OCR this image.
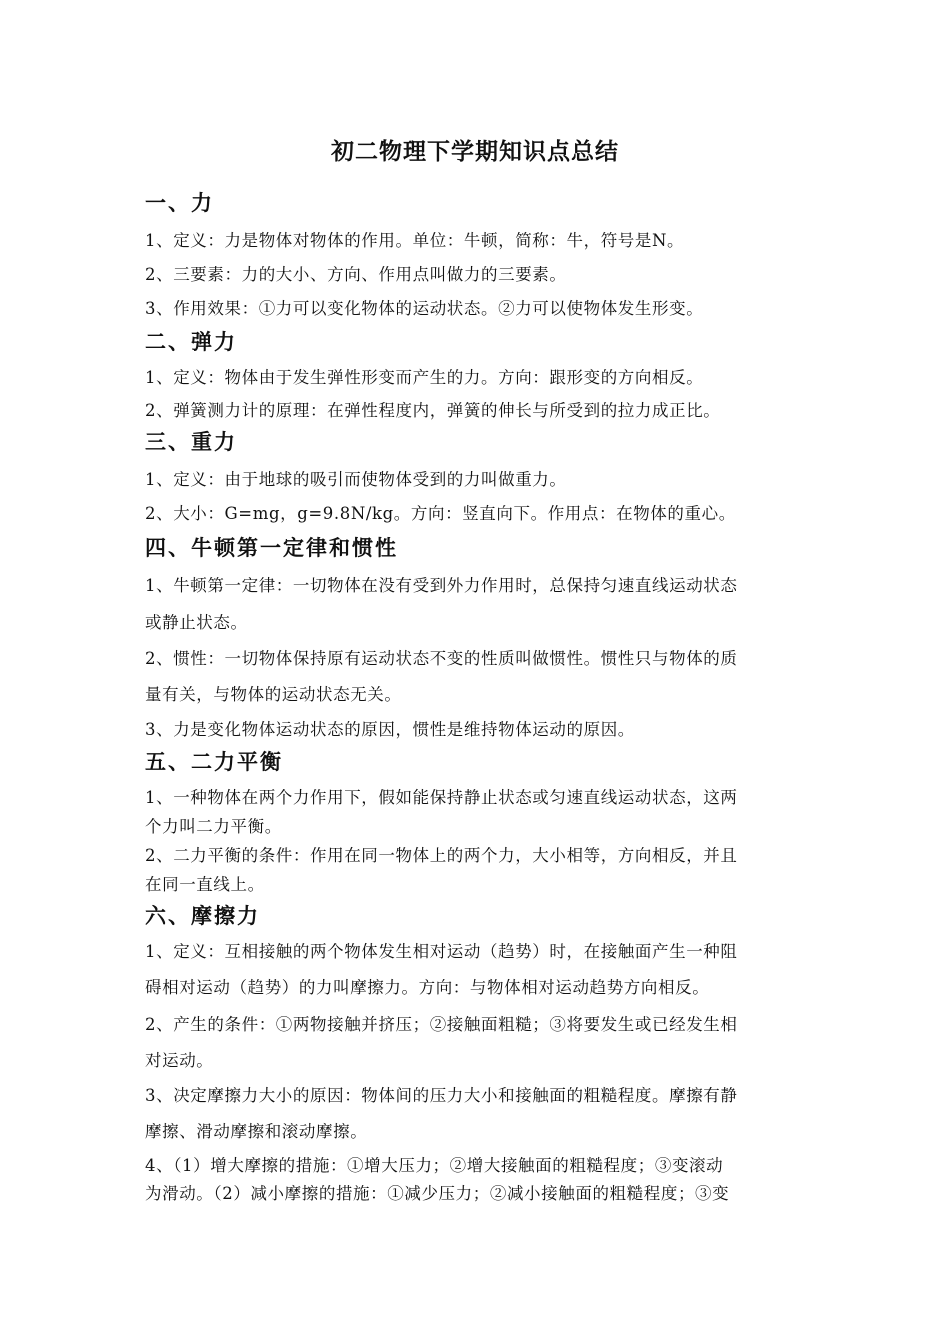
初二物理下学期知识点总结
一、力
1、定义：力是物体对物体的作用。单位：牛顿，简称：牛，符号是N。
2、三要素：力的大小、方向、作用点叫做力的三要素。
3、作用效果：①力可以变化物体的运动状态。②力可以使物体发生形变。
二、弹力
1、定义：物体由于发生弹性形变而产生的力。方向：跟形变的方向相反。
2、弹簧测力计的原理：在弹性程度内，弹簧的伸长与所受到的拉力成正比。
三、重力
1、定义：由于地球的吸引而使物体受到的力叫做重力。
2、大小：G=mg，g=9.8N/kg。方向：竖直向下。作用点：在物体的重心。
四、牛顿第一定律和惯性
1、牛顿第一定律：一切物体在没有受到外力作用时，总保持匀速直线运动状态
或静止状态。
2、惯性：一切物体保持原有运动状态不变的性质叫做惯性。惯性只与物体的质
量有关，与物体的运动状态无关。
3、力是变化物体运动状态的原因，惯性是维持物体运动的原因。
五、二力平衡
1、一种物体在两个力作用下，假如能保持静止状态或匀速直线运动状态，这两
个力叫二力平衡。
2、二力平衡的条件：作用在同一物体上的两个力，大小相等，方向相反，并且
在同一直线上。
六、摩擦力
1、定义：互相接触的两个物体发生相对运动（趋势）时，在接触面产生一种阻
碍相对运动（趋势）的力叫摩擦力。方向：与物体相对运动趋势方向相反。
2、产生的条件：①两物接触并挤压；②接触面粗糙；③将要发生或已经发生相
对运动。
3、决定摩擦力大小的原因：物体间的压力大小和接触面的粗糙程度。摩擦有静
摩擦、滑动摩擦和滚动摩擦。
4、（1）增大摩擦的措施：①增大压力；②增大接触面的粗糙程度；③变滚动
为滑动。（2）减小摩擦的措施：①减少压力；②减小接触面的粗糙程度；③变
